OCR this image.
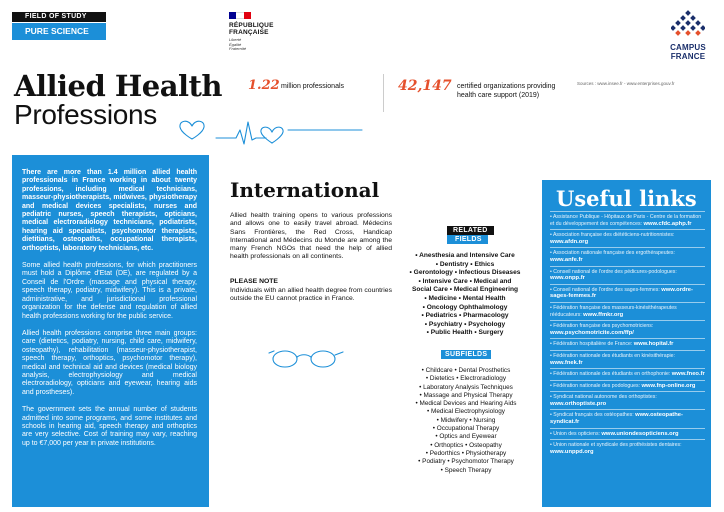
FIELD OF STUDY
PURE SCIENCE
Allied Health
Professions
RÉPUBLIQUE
FRANÇAISE
Liberté
Égalité
Fraternité	CAMPUS
FRANCE
1.22 million professionals	42,147 certified organizations providing health care support (2019)
Sources : www.insee.fr - www.enterprises.gouv.fr

There are more than 1.4 million allied health professionals in France working in about twenty professions, including medical technicians, masseur-physiotherapists, midwives, physiotherapy and medical devices specialists, nurses and pediatric nurses, speech therapists, opticians, medical electroradiology technicians, podiatrists, hearing aid specialists, psychomotor therapists, dietitians, osteopaths, occupational therapists, orthoptists, laboratory technicians, etc.

Some allied health professions, for which practitioners must hold a Diplôme d'Etat (DE), are regulated by a Conseil de l'Ordre (massage and physical therapy, speech therapy, podiatry, midwifery). This is a private, administrative, and jurisdictional professional organization for the defense and regulation of allied health professions working for the public service.

Allied health professions comprise three main groups: care (dietetics, podiatry, nursing, child care, midwifery, osteopathy), rehabilitation (masseur-physiotherapist, speech therapy, orthoptics, psychomotor therapy), medical and technical aid and devices (medical biology analysis, electrophysiology and medical electroradiology, opticians and eyewear, hearing aids and prostheses).

The government sets the annual number of students admitted into some programs, and some institutes and schools in hearing aid, speech therapy and orthoptics are very selective. Cost of training may vary, reaching up to €7,000 per year in private institutions.

International
Allied health training opens to various professions and allows one to easily travel abroad. Médecins Sans Frontières, the Red Cross, Handicap International and Médecins du Monde are among the many French NGOs that need the help of allied health professionals on all continents.
PLEASE NOTE
Individuals with an allied health degree from countries outside the EU cannot practice in France.
RELATED
FIELDS
• Anesthesia and Intensive Care
• Dentistry • Ethics
• Gerontology • Infectious Diseases
• Intensive Care • Medical and
Social Care • Medical Engineering
• Medicine • Mental Health
• Oncology Ophthalmology
• Pediatrics • Pharmacology
• Psychiatry • Psychology
• Public Health • Surgery
SUBFIELDS
• Childcare • Dental Prosthetics
• Dietetics • Electroradiology
• Laboratory Analysis Techniques
• Massage and Physical Therapy
• Medical Devices and Hearing Aids
• Medical Electrophysiology
• Midwifery • Nursing
• Occupational Therapy
• Optics and Eyewear
• Orthoptics • Osteopathy
• Pedorthics • Physiotherapy
• Podiatry • Psychomotor Therapy
• Speech Therapy
Useful links
• Assistance Publique - Hôpitaux de Paris - Centre de la formation et du développement des compétences: www.cfdc.aphp.fr
• Association française des diététiciens-nutritionnistes: www.afdn.org
• Association nationale française des ergothérapeutes: www.anfe.fr
• Conseil national de l'ordre des pédicures-podologues: www.onpp.fr
• Conseil national de l'ordre des sages-femmes: www.ordre-sages-femmes.fr
• Fédération française des masseurs-kinésithérapeutes rééducateurs: www.ffmkr.org
• Fédération française des psychomotriciens: www.psychomotricite.com/ffp/
• Fédération hospitalière de France: www.hopital.fr
• Fédération nationale des étudiants en kinésithérapie: www.fnek.fr
• Fédération nationale des étudiants en orthophonie: www.fneo.fr
• Fédération nationale des podologues: www.fnp-online.org
• Syndicat national autonome des orthoptistes: www.orthoptiste.pro
• Syndicat français des ostéopathes: www.osteopathe-syndicat.fr
• Union des opticiens: www.uniondesopticiens.org
• Union nationale et syndicale des prothésistes dentaires: www.unppd.org
